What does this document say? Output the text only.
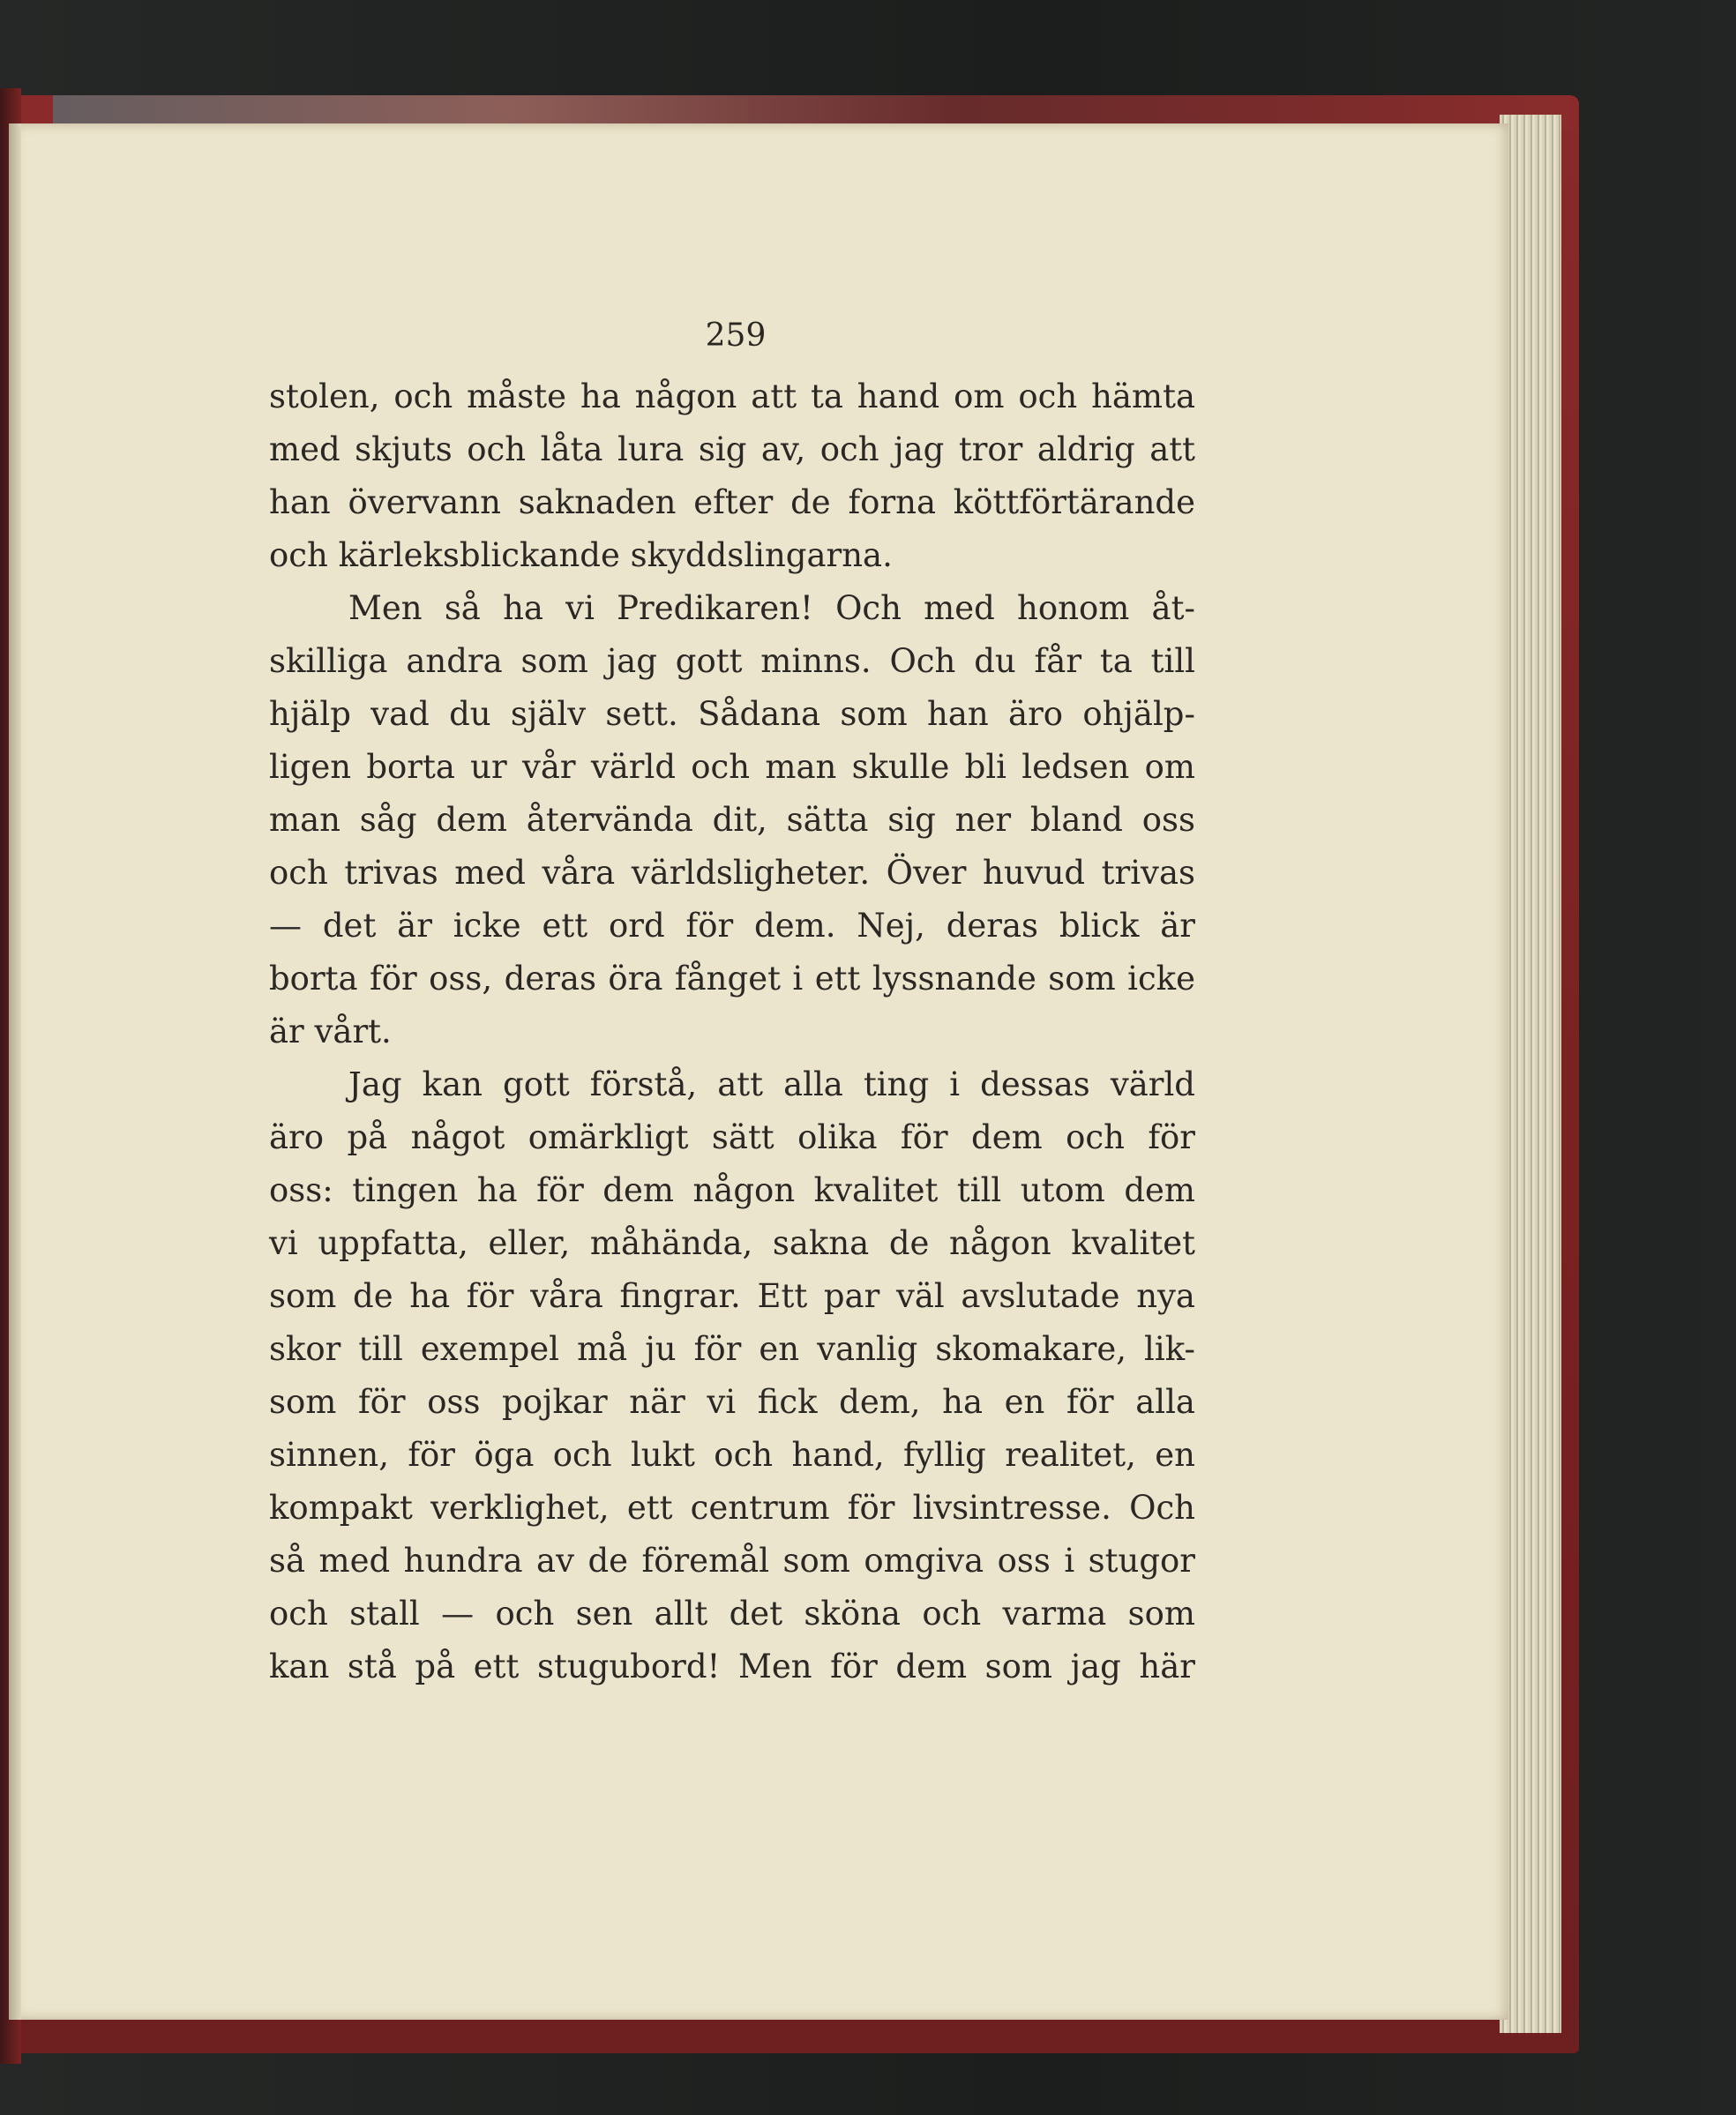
259
stolen, och måste ha någon att ta hand om och hämta
med skjuts och låta lura sig av, och jag tror aldrig att
han övervann saknaden efter de forna köttförtärande
och kärleksblickande skyddslingarna.
Men så ha vi Predikaren! Och med honom åt-
skilliga andra som jag gott minns. Och du får ta till
hjälp vad du själv sett. Sådana som han äro ohjälp-
ligen borta ur vår värld och man skulle bli ledsen om
man såg dem återvända dit, sätta sig ner bland oss
och trivas med våra världsligheter. Över huvud trivas
— det är icke ett ord för dem. Nej, deras blick är
borta för oss, deras öra fånget i ett lyssnande som icke
är vårt.
Jag kan gott förstå, att alla ting i dessas värld
äro på något omärkligt sätt olika för dem och för
oss: tingen ha för dem någon kvalitet till utom dem
vi uppfatta, eller, måhända, sakna de någon kvalitet
som de ha för våra fingrar. Ett par väl avslutade nya
skor till exempel må ju för en vanlig skomakare, lik-
som för oss pojkar när vi fick dem, ha en för alla
sinnen, för öga och lukt och hand, fyllig realitet, en
kompakt verklighet, ett centrum för livsintresse. Och
så med hundra av de föremål som omgiva oss i stugor
och stall — och sen allt det sköna och varma som
kan stå på ett stugubord! Men för dem som jag här
